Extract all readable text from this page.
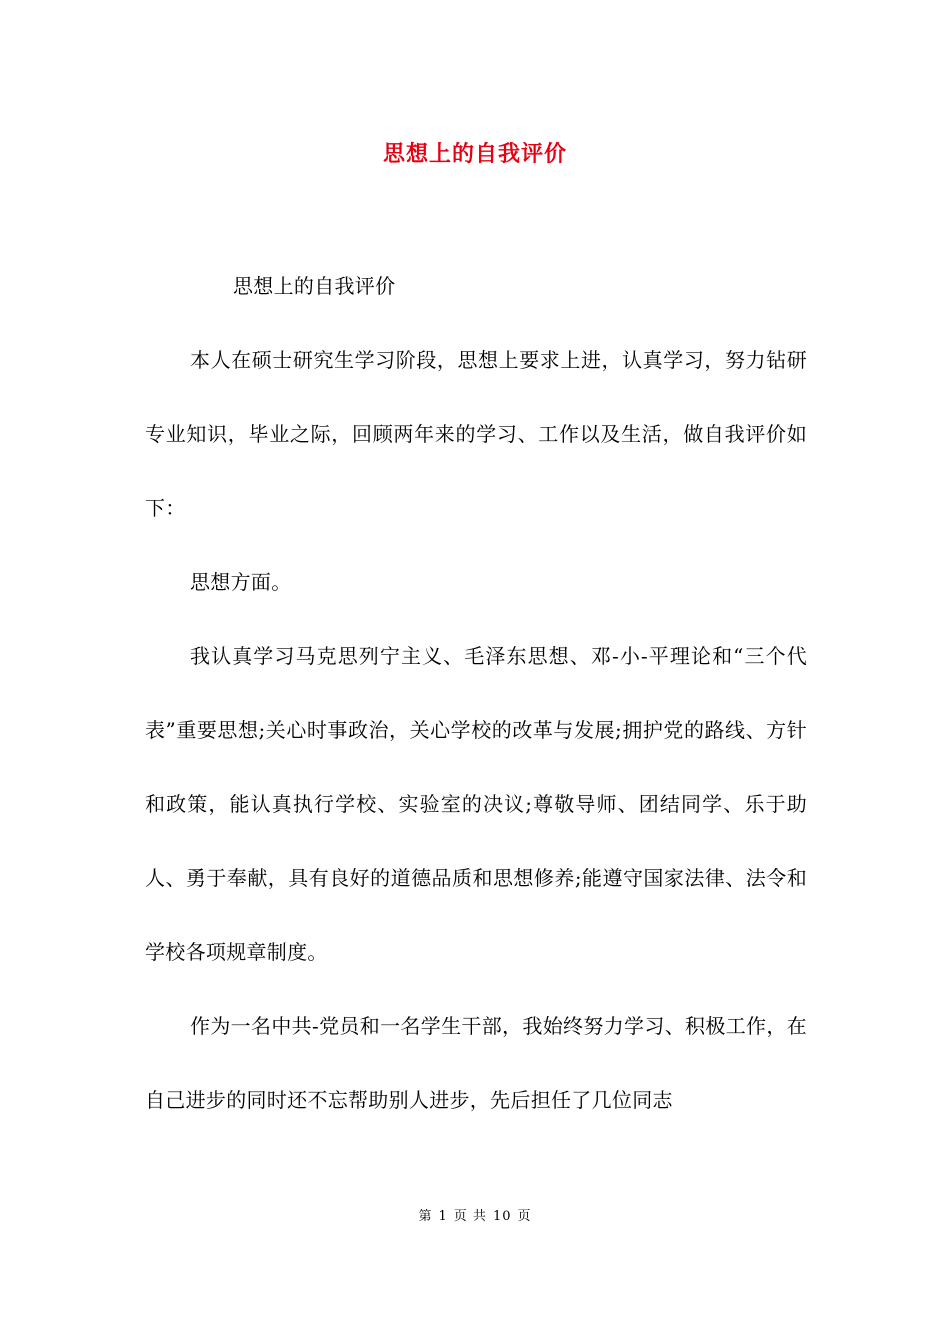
思想上的自我评价

思想上的自我评价

本人在硕士研究生学习阶段，思想上要求上进，认真学习，努力钻研专业知识，毕业之际，回顾两年来的学习、工作以及生活，做自我评价如下：

思想方面。

我认真学习马克思列宁主义、毛泽东思想、邓-小-平理论和“三个代表”重要思想;关心时事政治，关心学校的改革与发展;拥护党的路线、方针和政策，能认真执行学校、实验室的决议;尊敬导师、团结同学、乐于助人、勇于奉献，具有良好的道德品质和思想修养;能遵守国家法律、法令和学校各项规章制度。

作为一名中共-党员和一名学生干部，我始终努力学习、积极工作，在自己进步的同时还不忘帮助别人进步，先后担任了几位同志

第 1 页 共 10 页
